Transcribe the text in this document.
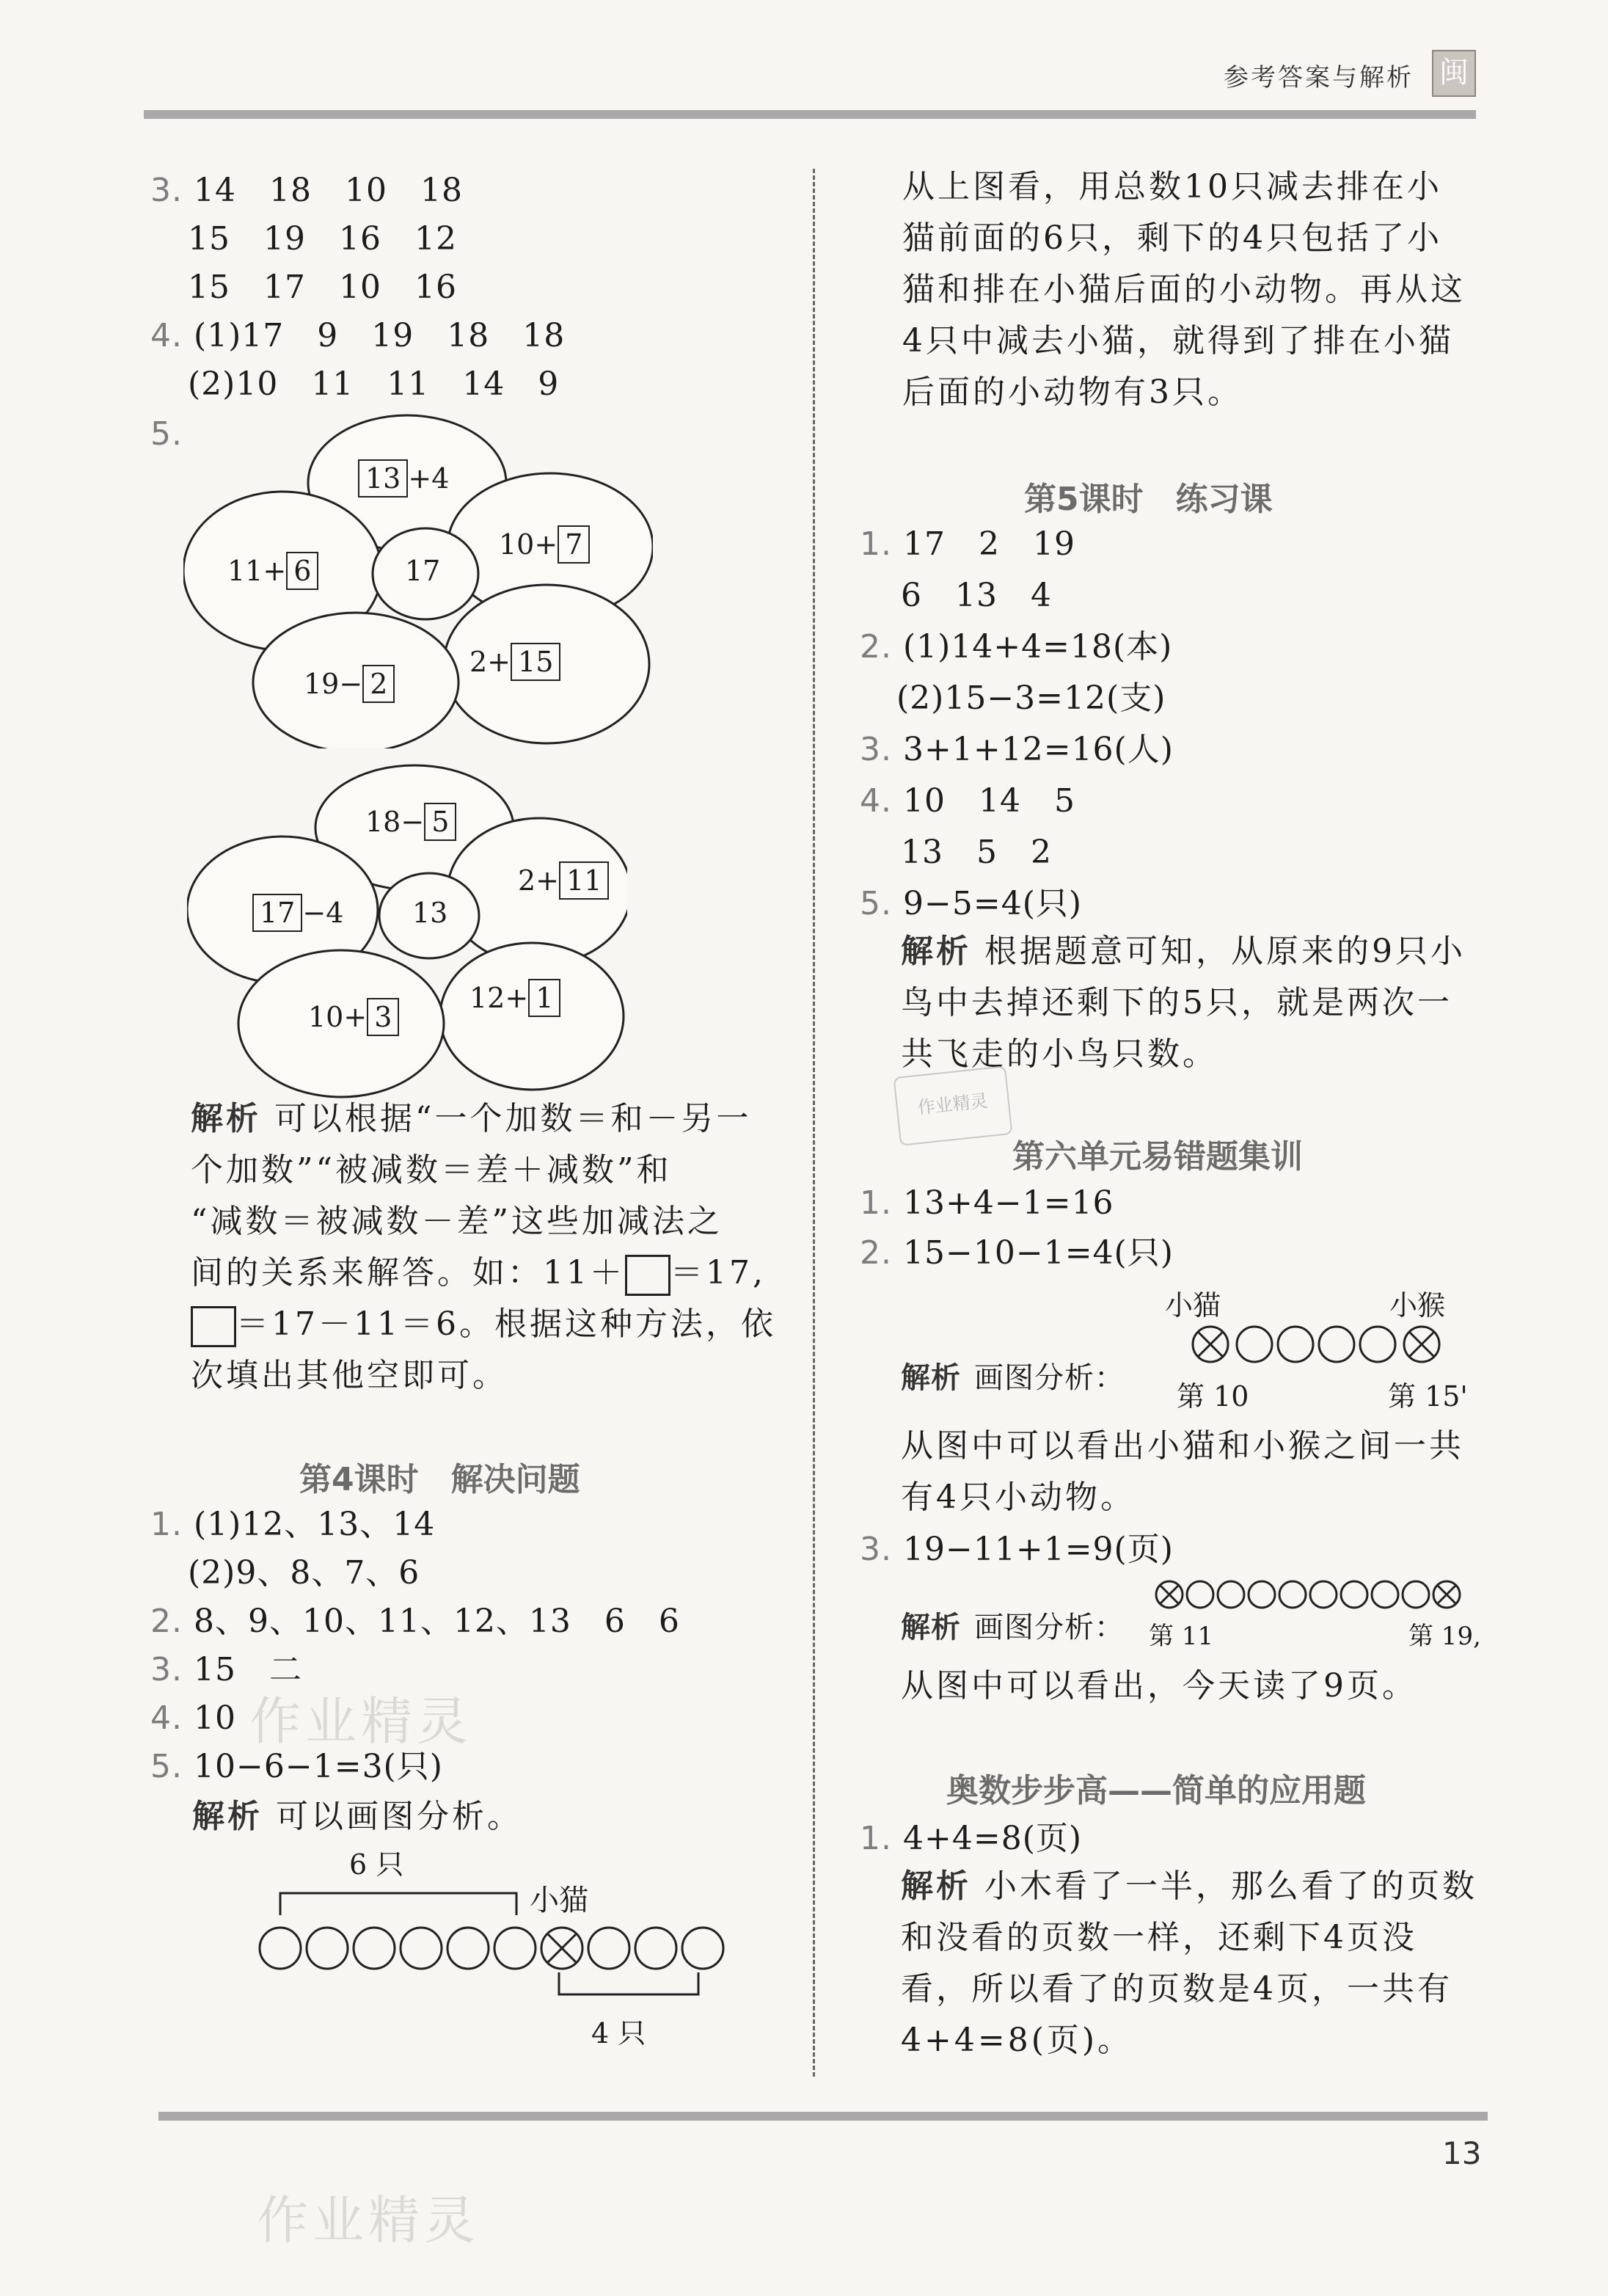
参考答案与解析 闽
3. 14　18　10　18
15　19　16　12
15　17　10　16
4. (1)17　9　19　18　18
(2)10　11　11　14　9
5.
17
13 +4
11+ 6
10+ 7
19− 2
2+ 15
13
18− 5
17 −4
2+ 11
10+ 3
12+ 1
解析 可以根据“一个加数＝和－另一
个加数”“被减数＝差＋减数”和
“减数＝被减数－差”这些加减法之
间的关系来解答。如：11＋ ＝17,
＝17－11＝6。根据这种方法，依
次填出其他空即可。
第4课时　解决问题
1. (1)12、13、14
(2)9、8、7、6
2. 8、9、10、11、12、13　6　6
3. 15　二
4. 10
5. 10−6−1=3(只)
解析 可以画图分析。
6 只
小猫
4 只
从上图看，用总数10只减去排在小
猫前面的6只，剩下的4只包括了小
猫和排在小猫后面的小动物。再从这
4只中减去小猫，就得到了排在小猫
后面的小动物有3只。
第5课时　练习课
1. 17　2　19
6　13　4
2. (1)14+4=18(本)
(2)15−3=12(支)
3. 3+1+12=16(人)
4. 10　14　5
13　5　2
5. 9−5=4(只)
解析 根据题意可知，从原来的9只小
鸟中去掉还剩下的5只，就是两次一
共飞走的小鸟只数。
作业精灵
第六单元易错题集训
1. 13+4−1=16
2. 15−10−1=4(只)
小猫	小猴
解析 画图分析：
第 10	第 15'
从图中可以看出小猫和小猴之间一共
有4只小动物。
3. 19−11+1=9(页)
解析 画图分析： 第 11	第 19,
从图中可以看出，今天读了9页。
奥数步步高——简单的应用题
1. 4+4=8(页)
解析 小木看了一半，那么看了的页数
和没看的页数一样，还剩下4页没
看，所以看了的页数是4页，一共有
4+4=8(页)。
13
作业精灵
作业精灵
